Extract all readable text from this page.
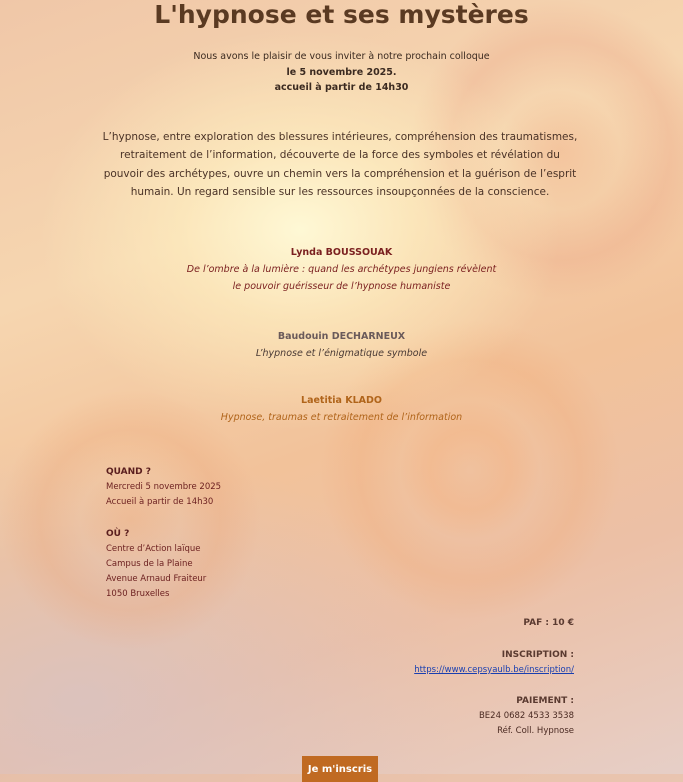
L'hypnose et ses mystères
Nous avons le plaisir de vous inviter à notre prochain colloque
le 5 novembre 2025.
accueil à partir de 14h30
L’hypnose, entre exploration des blessures intérieures, compréhension des traumatismes, retraitement de l’information, découverte de la force des symboles et révélation du pouvoir des archétypes, ouvre un chemin vers la compréhension et la guérison de l’esprit humain. Un regard sensible sur les ressources insoupçonnées de la conscience.
Lynda BOUSSOUAK
De l’ombre à la lumière : quand les archétypes jungiens révèlent
le pouvoir guérisseur de l’hypnose humaniste
Baudouin DECHARNEUX
L’hypnose et l’énigmatique symbole
Laetitia KLADO
Hypnose, traumas et retraitement de l’information
QUAND ?
Mercredi 5 novembre 2025
Accueil à partir de 14h30
OÙ ?
Centre d’Action laïque
Campus de la Plaine
Avenue Arnaud Fraiteur
1050 Bruxelles
PAF : 10 €
INSCRIPTION :
https://www.cepsyaulb.be/inscription/
PAIEMENT :
BE24 0682 4533 3538
Réf. Coll. Hypnose
Je m'inscris
